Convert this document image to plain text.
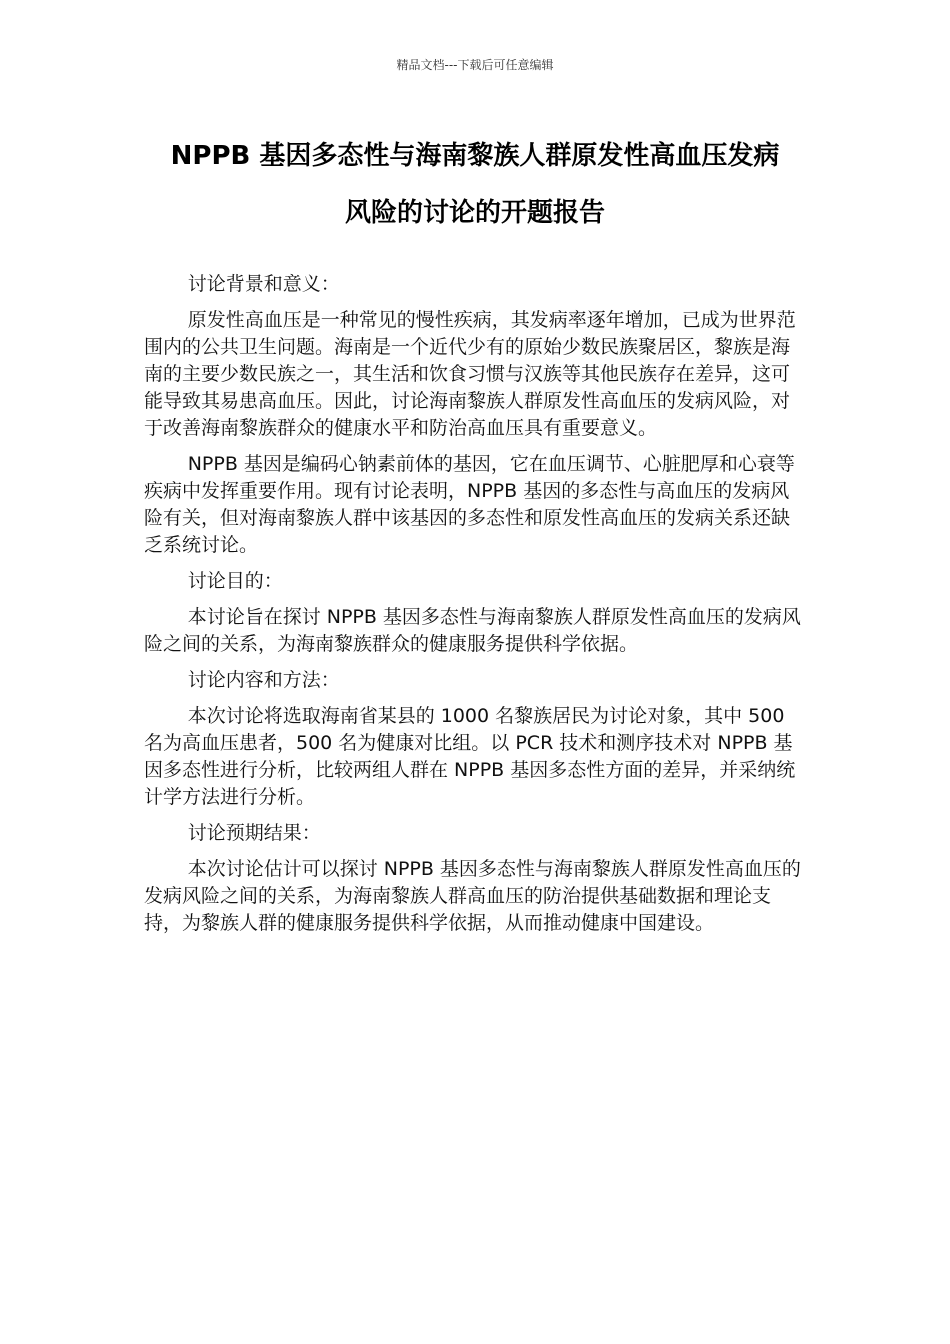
精品文档---下载后可任意编辑
NPPB 基因多态性与海南黎族人群原发性高血压发病
风险的讨论的开题报告

讨论背景和意义：

原发性高血压是一种常见的慢性疾病，其发病率逐年增加，已成为世界范围内的公共卫生问题。海南是一个近代少有的原始少数民族聚居区，黎族是海南的主要少数民族之一，其生活和饮食习惯与汉族等其他民族存在差异，这可能导致其易患高血压。因此，讨论海南黎族人群原发性高血压的发病风险，对于改善海南黎族群众的健康水平和防治高血压具有重要意义。

NPPB 基因是编码心钠素前体的基因，它在血压调节、心脏肥厚和心衰等疾病中发挥重要作用。现有讨论表明，NPPB 基因的多态性与高血压的发病风险有关，但对海南黎族人群中该基因的多态性和原发性高血压的发病关系还缺乏系统讨论。

讨论目的：

本讨论旨在探讨 NPPB 基因多态性与海南黎族人群原发性高血压的发病风险之间的关系，为海南黎族群众的健康服务提供科学依据。

讨论内容和方法：

本次讨论将选取海南省某县的 1000 名黎族居民为讨论对象，其中 500 名为高血压患者，500 名为健康对比组。以 PCR 技术和测序技术对 NPPB 基因多态性进行分析，比较两组人群在 NPPB 基因多态性方面的差异，并采纳统计学方法进行分析。

讨论预期结果：

本次讨论估计可以探讨 NPPB 基因多态性与海南黎族人群原发性高血压的发病风险之间的关系，为海南黎族人群高血压的防治提供基础数据和理论支持，为黎族人群的健康服务提供科学依据，从而推动健康中国建设。
